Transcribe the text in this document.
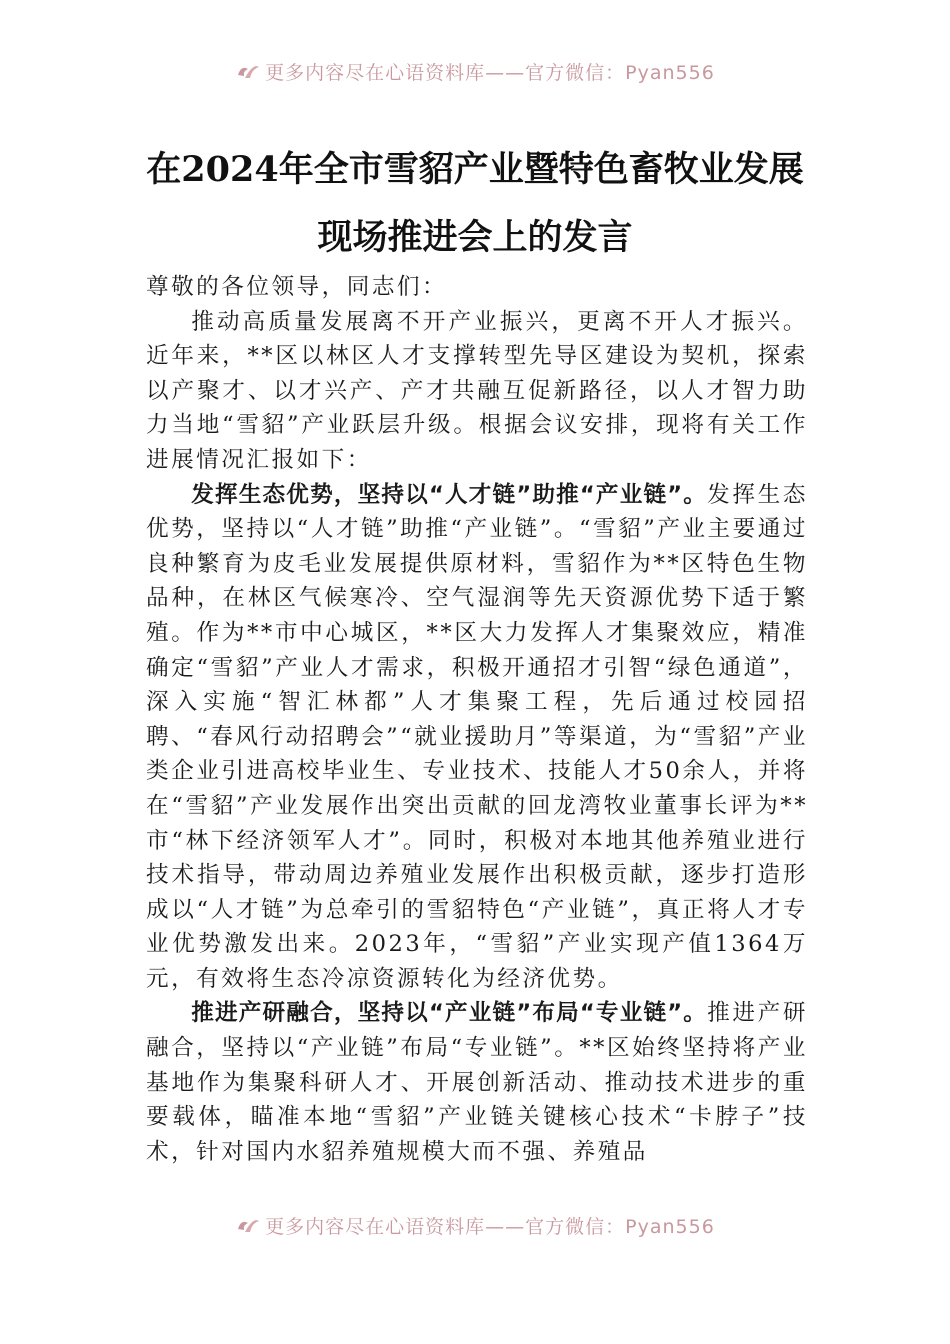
更多内容尽在心语资料库——官方微信：Pyan556
在2024年全市雪貂产业暨特色畜牧业发展
现场推进会上的发言

尊敬的各位领导，同志们：

推动高质量发展离不开产业振兴，更离不开人才振兴。近年来，**区以林区人才支撑转型先导区建设为契机，探索以产聚才、以才兴产、产才共融互促新路径，以人才智力助力当地“雪貂”产业跃层升级。根据会议安排，现将有关工作进展情况汇报如下：

发挥生态优势，坚持以“人才链”助推“产业链”。发挥生态优势，坚持以“人才链”助推“产业链”。“雪貂”产业主要通过良种繁育为皮毛业发展提供原材料，雪貂作为**区特色生物品种，在林区气候寒冷、空气湿润等先天资源优势下适于繁殖。作为**市中心城区，**区大力发挥人才集聚效应，精准确定“雪貂”产业人才需求，积极开通招才引智“绿色通道”，深入实施“智汇林都”人才集聚工程，先后通过校园招聘、“春风行动招聘会”“就业援助月”等渠道，为“雪貂”产业类企业引进高校毕业生、专业技术、技能人才50余人，并将在“雪貂”产业发展作出突出贡献的回龙湾牧业董事长评为**市“林下经济领军人才”。同时，积极对本地其他养殖业进行技术指导，带动周边养殖业发展作出积极贡献，逐步打造形成以“人才链”为总牵引的雪貂特色“产业链”，真正将人才专业优势激发出来。2023年，“雪貂”产业实现产值1364万元，有效将生态冷凉资源转化为经济优势。

推进产研融合，坚持以“产业链”布局“专业链”。推进产研融合，坚持以“产业链”布局“专业链”。**区始终坚持将产业基地作为集聚科研人才、开展创新活动、推动技术进步的重要载体，瞄准本地“雪貂”产业链关键核心技术“卡脖子”技术，针对国内水貂养殖规模大而不强、养殖品

更多内容尽在心语资料库——官方微信：Pyan556
